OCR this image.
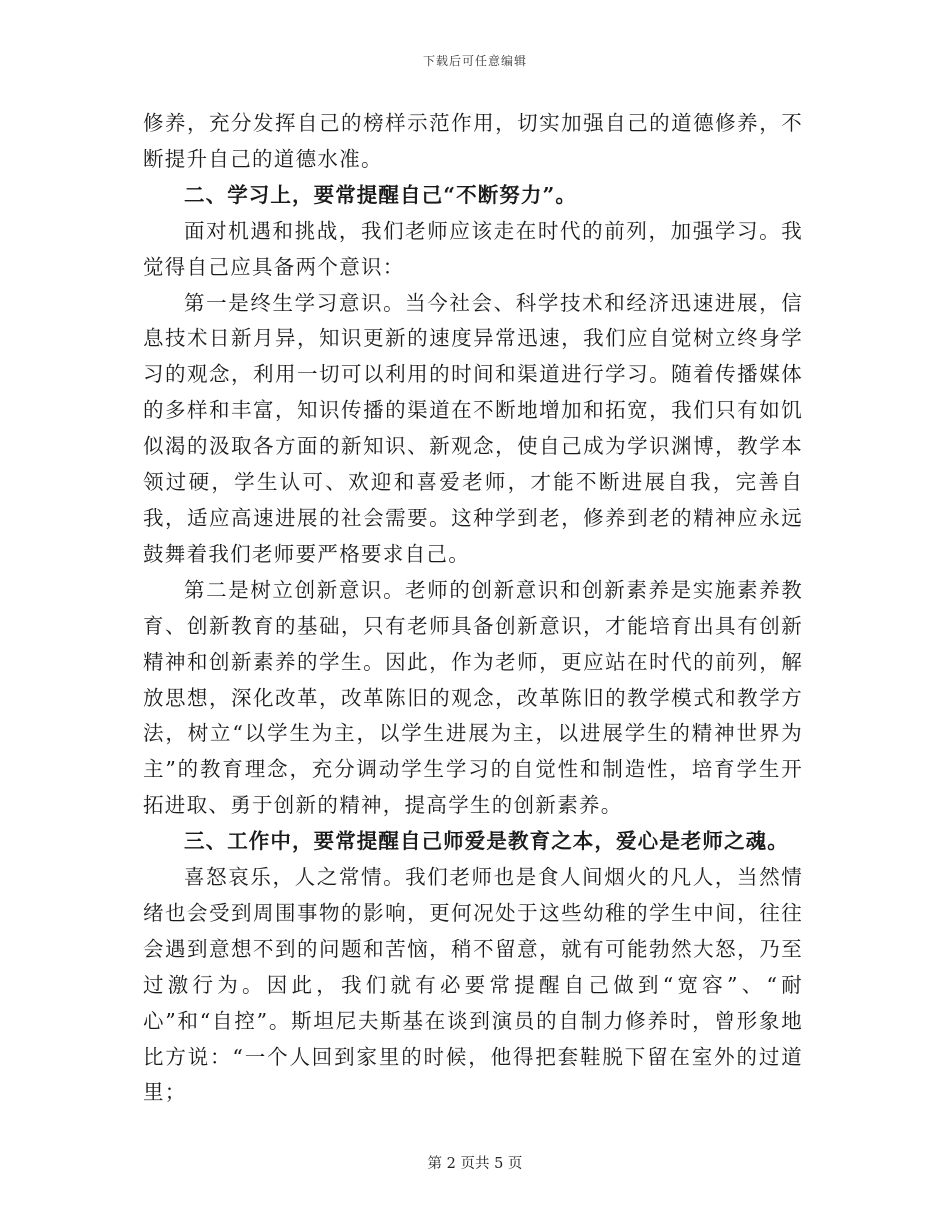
下载后可任意编辑

修养，充分发挥自己的榜样示范作用，切实加强自己的道德修养，不断提升自己的道德水准。

二、学习上，要常提醒自己“不断努力”。

面对机遇和挑战，我们老师应该走在时代的前列，加强学习。我觉得自己应具备两个意识：

第一是终生学习意识。当今社会、科学技术和经济迅速进展，信息技术日新月异，知识更新的速度异常迅速，我们应自觉树立终身学习的观念，利用一切可以利用的时间和渠道进行学习。随着传播媒体的多样和丰富，知识传播的渠道在不断地增加和拓宽，我们只有如饥似渴的汲取各方面的新知识、新观念，使自己成为学识渊博，教学本领过硬，学生认可、欢迎和喜爱老师，才能不断进展自我，完善自我，适应高速进展的社会需要。这种学到老，修养到老的精神应永远鼓舞着我们老师要严格要求自己。

第二是树立创新意识。老师的创新意识和创新素养是实施素养教育、创新教育的基础，只有老师具备创新意识，才能培育出具有创新精神和创新素养的学生。因此，作为老师，更应站在时代的前列，解放思想，深化改革，改革陈旧的观念，改革陈旧的教学模式和教学方法，树立“以学生为主，以学生进展为主，以进展学生的精神世界为主”的教育理念，充分调动学生学习的自觉性和制造性，培育学生开拓进取、勇于创新的精神，提高学生的创新素养。

三、工作中，要常提醒自己师爱是教育之本，爱心是老师之魂。

喜怒哀乐，人之常情。我们老师也是食人间烟火的凡人，当然情绪也会受到周围事物的影响，更何况处于这些幼稚的学生中间，往往会遇到意想不到的问题和苦恼，稍不留意，就有可能勃然大怒，乃至过激行为。因此，我们就有必要常提醒自己做到“宽容”、“耐心”和“自控”。斯坦尼夫斯基在谈到演员的自制力修养时，曾形象地比方说：“一个人回到家里的时候，他得把套鞋脱下留在室外的过道里；

第 2 页共 5 页
